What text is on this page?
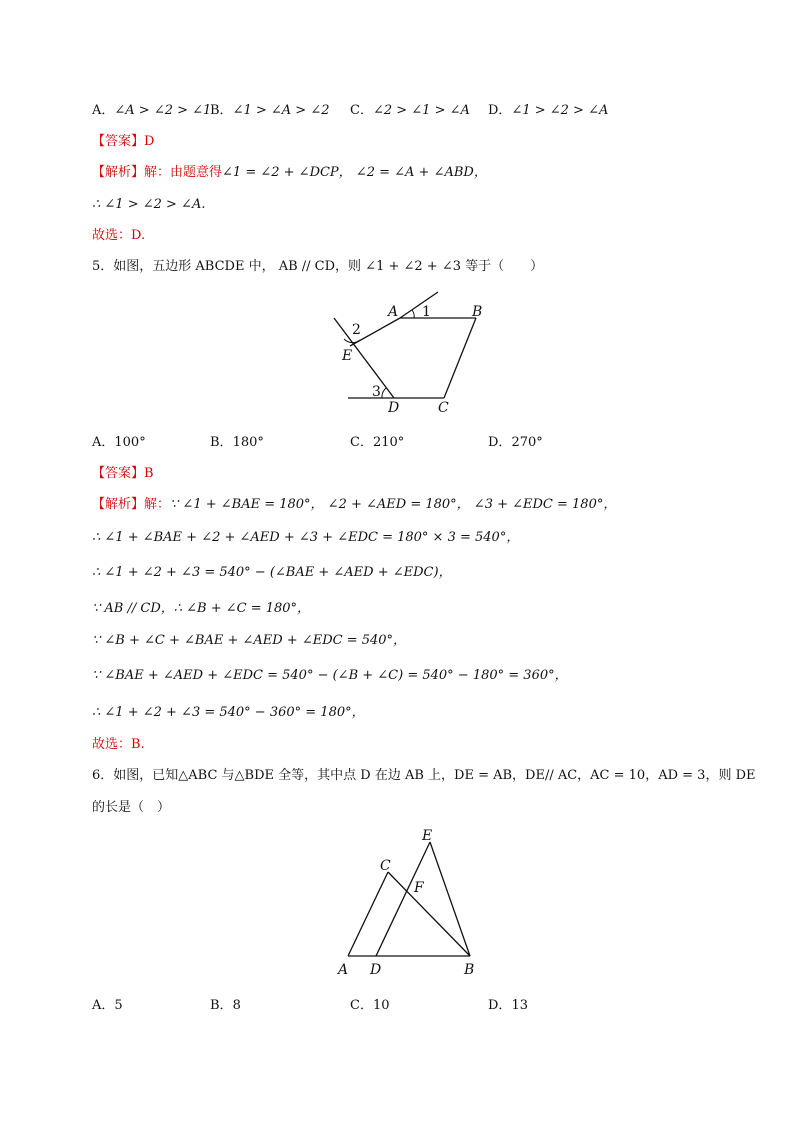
A．∠A > ∠2 > ∠1
B．∠1 > ∠A > ∠2 C．∠2 > ∠1 > ∠A D．∠1 > ∠2 > ∠A
【答案】D
【解析】解：由题意得∠1 = ∠2 + ∠DCP， ∠2 = ∠A + ∠ABD，
∴ ∠1 > ∠2 > ∠A.
故选：D.
5．如图，五边形 ABCDE 中， AB // CD，则 ∠1 + ∠2 + ∠3 等于（　　）
A	B
E
D	C
1
2
3
A．100°	B．180°	C．210°	D．270°
【答案】B
【解析】解：∵ ∠1 + ∠BAE = 180°， ∠2 + ∠AED = 180°， ∠3 + ∠EDC = 180°，
∴ ∠1 + ∠BAE + ∠2 + ∠AED + ∠3 + ∠EDC = 180° × 3 = 540°，
∴ ∠1 + ∠2 + ∠3 = 540° − (∠BAE + ∠AED + ∠EDC)，
∵ AB // CD，∴ ∠B + ∠C = 180°，
∵ ∠B + ∠C + ∠BAE + ∠AED + ∠EDC = 540°，
∵ ∠BAE + ∠AED + ∠EDC = 540° − (∠B + ∠C) = 540° − 180° = 360°，
∴ ∠1 + ∠2 + ∠3 = 540° − 360° = 180°，
故选：B.
6．如图，已知△ABC 与△BDE 全等，其中点 D 在边 AB 上，DE = AB，DE// AC，AC = 10，AD = 3，则 DE
的长是（　）
E
C
F
A D	B
A．5	B．8	C．10	D．13
